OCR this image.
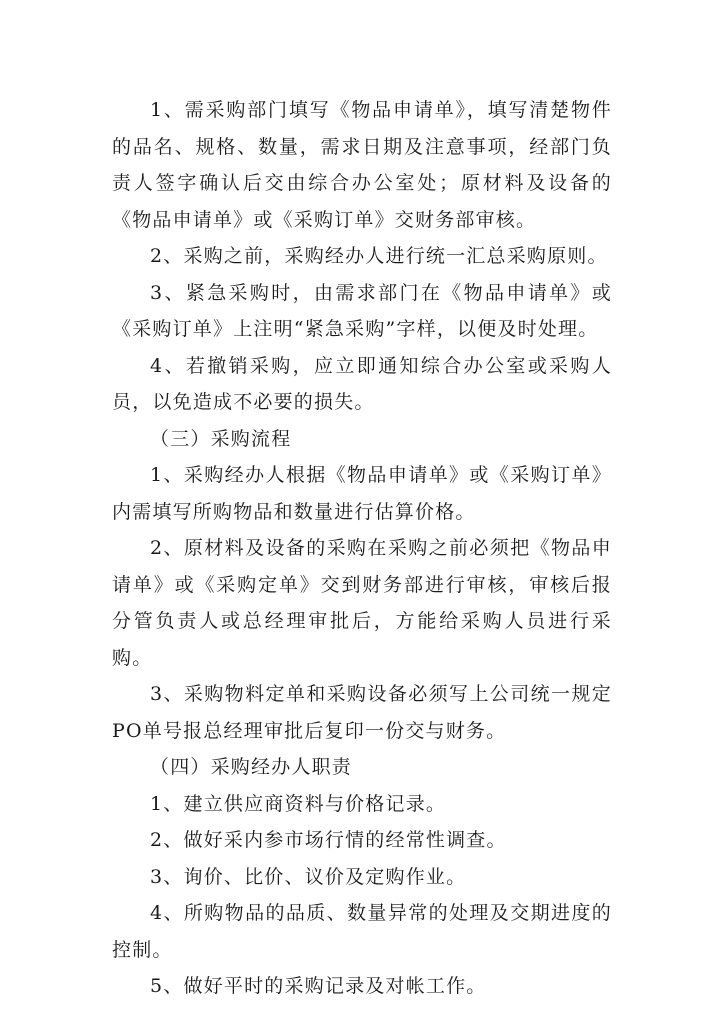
1、需采购部门填写《物品申请单》，填写清楚物件的品名、规格、数量，需求日期及注意事项，经部门负责人签字确认后交由综合办公室处；原材料及设备的《物品申请单》或《采购订单》交财务部审核。

2、采购之前，采购经办人进行统一汇总采购原则。

3、紧急采购时，由需求部门在《物品申请单》或《采购订单》上注明“紧急采购”字样，以便及时处理。

4、若撤销采购，应立即通知综合办公室或采购人员，以免造成不必要的损失。

（三）采购流程

1、采购经办人根据《物品申请单》或《采购订单》内需填写所购物品和数量进行估算价格。

2、原材料及设备的采购在采购之前必须把《物品申请单》或《采购定单》交到财务部进行审核，审核后报分管负责人或总经理审批后，方能给采购人员进行采购。

3、采购物料定单和采购设备必须写上公司统一规定PO单号报总经理审批后复印一份交与财务。

（四）采购经办人职责

1、建立供应商资料与价格记录。

2、做好采内参市场行情的经常性调查。

3、询价、比价、议价及定购作业。

4、所购物品的品质、数量异常的处理及交期进度的控制。

5、做好平时的采购记录及对帐工作。
